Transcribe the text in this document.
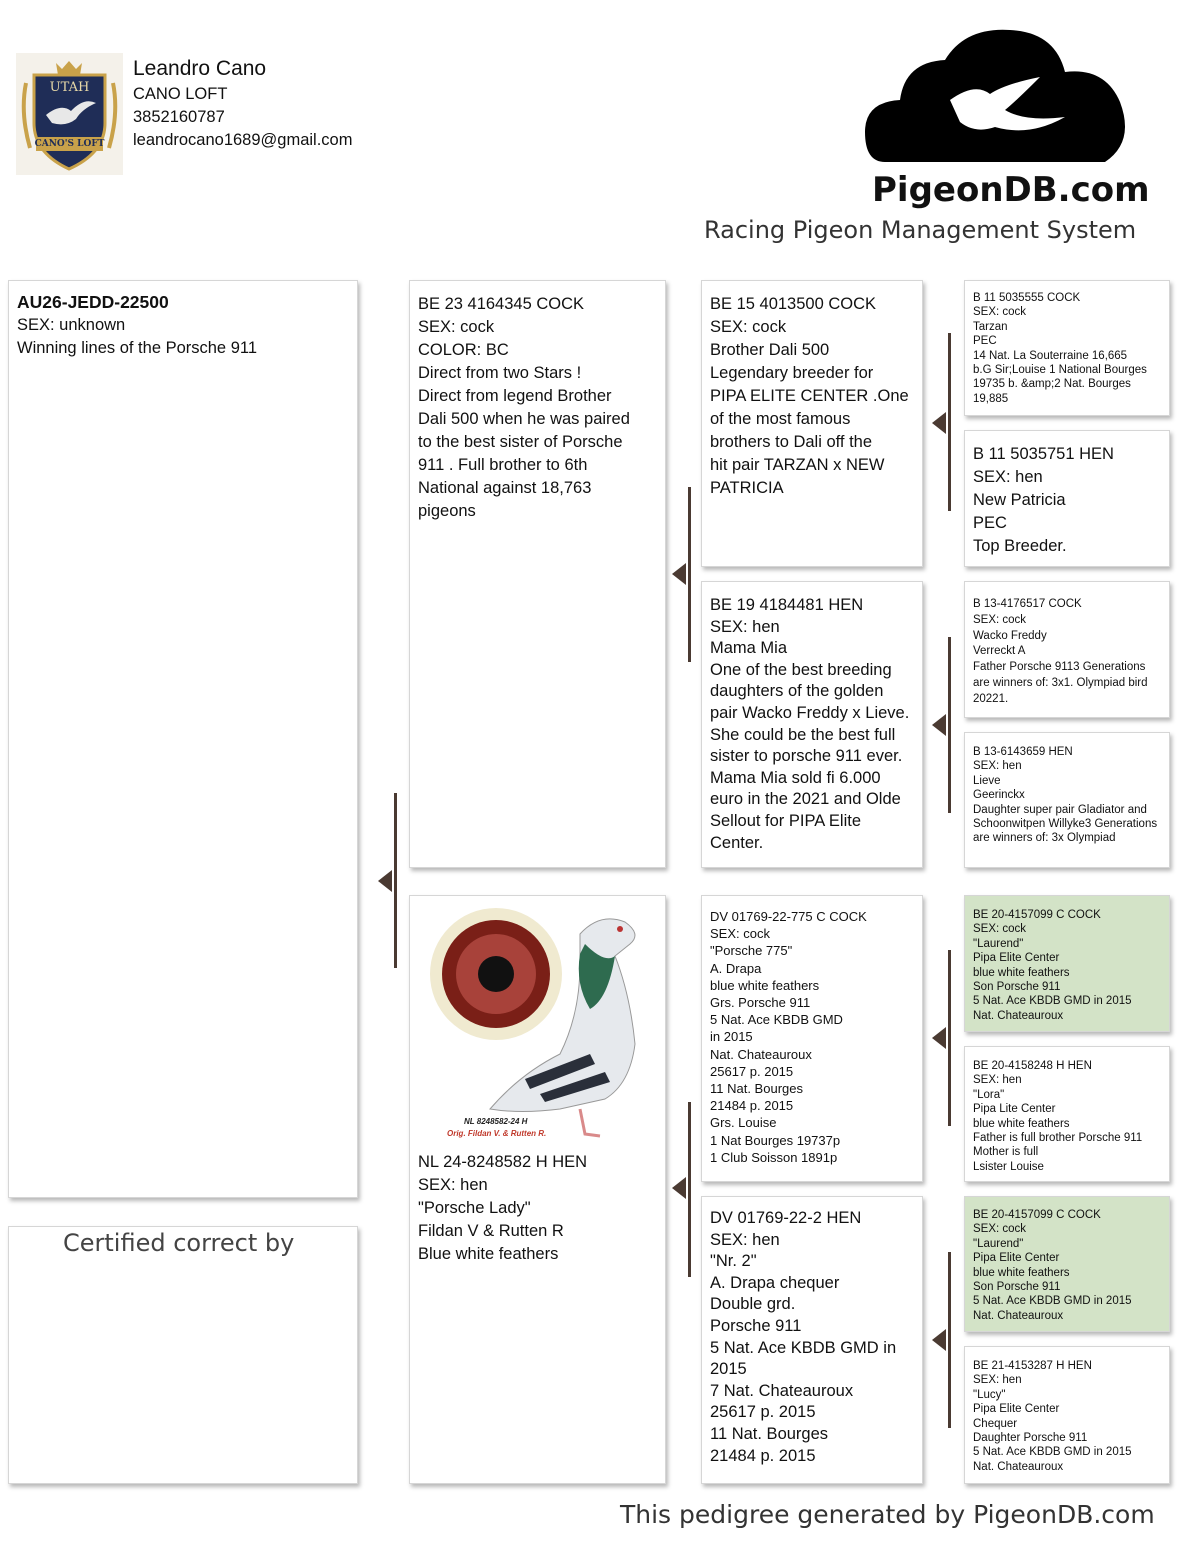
UTAH
CANO'S LOFT
Leandro Cano
CANO LOFT
3852160787
leandrocano1689@gmail.com
PigeonDB.com
Racing Pigeon Management System
AU26-JEDD-22500
SEX: unknown
Winning lines of the Porsche 911
Certified correct by
BE 23 4164345 COCK
SEX: cock
COLOR: BC
Direct from two Stars !
Direct from legend Brother
Dali 500 when he was paired
to the best sister of Porsche
911 . Full brother to 6th
National against 18,763
pigeons
NL 8248582-24 H
Orig. Fildan V. & Rutten R.
NL 24-8248582 H HEN
SEX: hen
"Porsche Lady"
Fildan V & Rutten R
Blue white feathers
BE 15 4013500 COCK
SEX: cock
Brother Dali 500
Legendary breeder for
PIPA ELITE CENTER .One
of the most famous
brothers to Dali off the
hit pair TARZAN x NEW
PATRICIA
BE 19 4184481 HEN
SEX: hen
Mama Mia
One of the best breeding
daughters of the golden
pair Wacko Freddy x Lieve.
She could be the best full
sister to porsche 911 ever.
Mama Mia sold fi 6.000
euro in the 2021 and Olde
Sellout for PIPA Elite
Center.
DV 01769-22-775 C COCK
SEX: cock
"Porsche 775"
A. Drapa
blue white feathers
Grs. Porsche 911
5 Nat. Ace KBDB GMD
in 2015
Nat. Chateauroux
25617 p. 2015
11 Nat. Bourges
21484 p. 2015
Grs. Louise
1 Nat Bourges 19737p
1 Club Soisson 1891p
DV 01769-22-2 HEN
SEX: hen
"Nr. 2"
A. Drapa chequer
Double grd.
Porsche 911
5 Nat. Ace KBDB GMD in
2015
7 Nat. Chateauroux
25617 p. 2015
11 Nat. Bourges
21484 p. 2015
B 11 5035555 COCK
SEX: cock
Tarzan
PEC
14 Nat. La Souterraine 16,665
b.G Sir;Louise 1 National Bourges
19735 b. &amp;2 Nat. Bourges 19,885
B 11 5035751 HEN
SEX: hen
New Patricia
PEC
Top Breeder.
B 13-4176517 COCK
SEX: cock
Wacko Freddy
Verreckt A
Father Porsche 9113 Generations
are winners of: 3x1. Olympiad bird
20221.
B 13-6143659 HEN
SEX: hen
Lieve
Geerinckx
Daughter super pair Gladiator and
Schoonwitpen Willyke3 Generations
are winners of: 3x Olympiad
BE 20-4157099 C COCK
SEX: cock
"Laurend"
Pipa Elite Center
blue white feathers
Son Porsche 911
5 Nat. Ace KBDB GMD in 2015
Nat. Chateauroux
BE 20-4158248 H HEN
SEX: hen
"Lora"
Pipa Lite Center
blue white feathers
Father is full brother Porsche 911
Mother is full
Lsister Louise
BE 20-4157099 C COCK
SEX: cock
"Laurend"
Pipa Elite Center
blue white feathers
Son Porsche 911
5 Nat. Ace KBDB GMD in 2015
Nat. Chateauroux
BE 21-4153287 H HEN
SEX: hen
"Lucy"
Pipa Elite Center
Chequer
Daughter Porsche 911
5 Nat. Ace KBDB GMD in 2015
Nat. Chateauroux
This pedigree generated by PigeonDB.com
